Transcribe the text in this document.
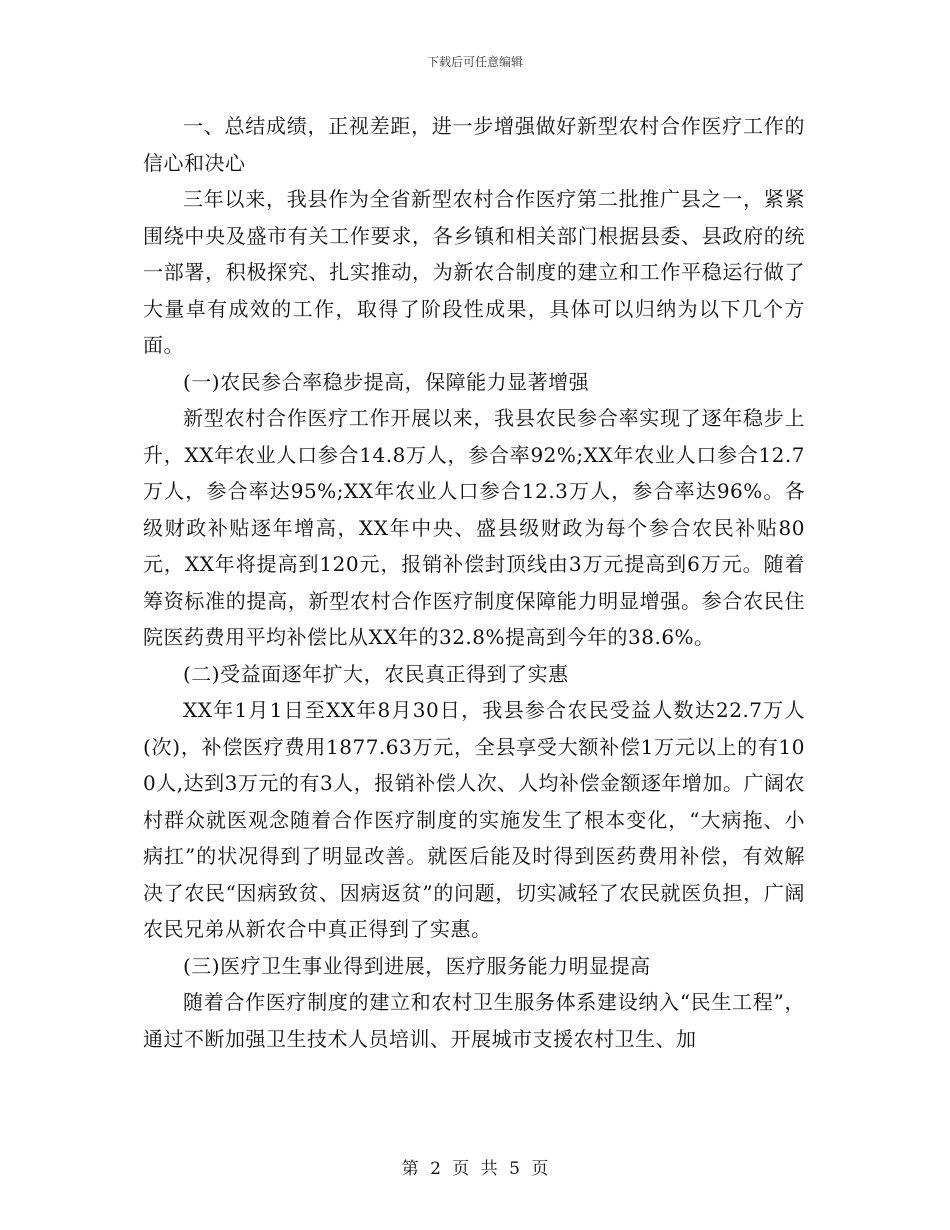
下载后可任意编辑

一、总结成绩，正视差距，进一步增强做好新型农村合作医疗工作的信心和决心

三年以来，我县作为全省新型农村合作医疗第二批推广县之一，紧紧围绕中央及盛市有关工作要求，各乡镇和相关部门根据县委、县政府的统一部署，积极探究、扎实推动，为新农合制度的建立和工作平稳运行做了大量卓有成效的工作，取得了阶段性成果，具体可以归纳为以下几个方面。

(一)农民参合率稳步提高，保障能力显著增强

新型农村合作医疗工作开展以来，我县农民参合率实现了逐年稳步上升，XX年农业人口参合14.8万人，参合率92%;XX年农业人口参合12.7万人，参合率达95%;XX年农业人口参合12.3万人，参合率达96%。各级财政补贴逐年增高，XX年中央、盛县级财政为每个参合农民补贴80元，XX年将提高到120元，报销补偿封顶线由3万元提高到6万元。随着筹资标准的提高，新型农村合作医疗制度保障能力明显增强。参合农民住院医药费用平均补偿比从XX年的32.8%提高到今年的38.6%。

(二)受益面逐年扩大，农民真正得到了实惠

XX年1月1日至XX年8月30日，我县参合农民受益人数达22.7万人(次)，补偿医疗费用1877.63万元，全县享受大额补偿1万元以上的有100人,达到3万元的有3人，报销补偿人次、人均补偿金额逐年增加。广阔农村群众就医观念随着合作医疗制度的实施发生了根本变化，“大病拖、小病扛”的状况得到了明显改善。就医后能及时得到医药费用补偿，有效解决了农民“因病致贫、因病返贫”的问题，切实减轻了农民就医负担，广阔农民兄弟从新农合中真正得到了实惠。

(三)医疗卫生事业得到进展，医疗服务能力明显提高

随着合作医疗制度的建立和农村卫生服务体系建设纳入“民生工程”，通过不断加强卫生技术人员培训、开展城市支援农村卫生、加

第 2 页 共 5 页
